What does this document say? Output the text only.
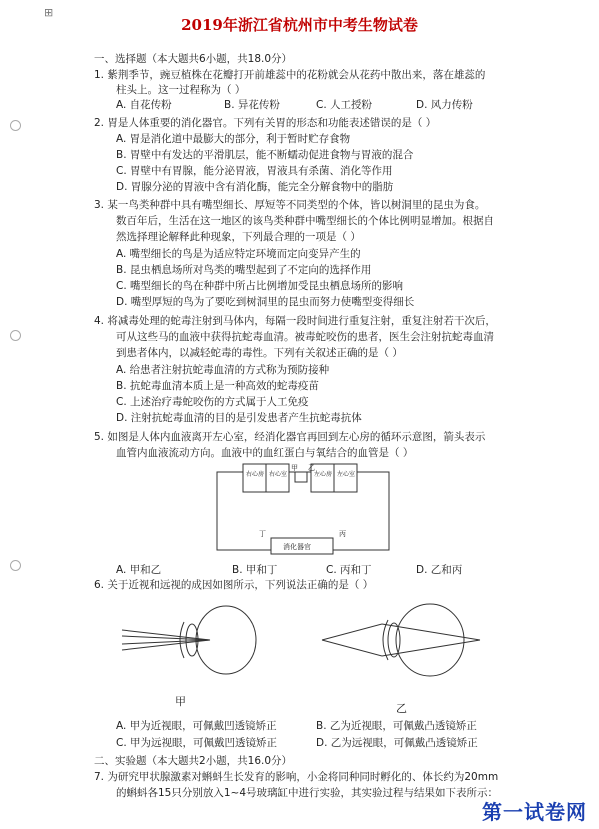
⊞
2019年浙江省杭州市中考生物试卷
一、选择题（本大题共6小题，共18.0分）
1. 紫荆季节，豌豆植株在花瓣打开前雄蕊中的花粉就会从花药中散出来，落在雄蕊的
柱头上。这一过程称为（ ）
A. 自花传粉	B. 异花传粉	C. 人工授粉	D. 风力传粉
2. 胃是人体重要的消化器官。下列有关胃的形态和功能表述错误的是（ ）
A. 胃是消化道中最膨大的部分，利于暂时贮存食物
B. 胃壁中有发达的平滑肌层，能不断蠕动促进食物与胃液的混合
C. 胃壁中有胃腺，能分泌胃液，胃液具有杀菌、消化等作用
D. 胃腺分泌的胃液中含有消化酶，能完全分解食物中的脂肪
3. 某一鸟类种群中具有嘴型细长、厚短等不同类型的个体，皆以树洞里的昆虫为食。
数百年后，生活在这一地区的该鸟类种群中嘴型细长的个体比例明显增加。根据自
然选择理论解释此种现象，下列最合理的一项是（ ）
A. 嘴型细长的鸟是为适应特定环境而定向变异产生的
B. 昆虫栖息场所对鸟类的嘴型起到了不定向的选择作用
C. 嘴型细长的鸟在种群中所占比例增加受昆虫栖息场所的影响
D. 嘴型厚短的鸟为了要吃到树洞里的昆虫而努力使嘴型变得细长
4. 将减毒处理的蛇毒注射到马体内，每隔一段时间进行重复注射，重复注射若干次后，
可从这些马的血液中获得抗蛇毒血清。被毒蛇咬伤的患者，医生会注射抗蛇毒血清
到患者体内，以减轻蛇毒的毒性。下列有关叙述正确的是（ ）
A. 给患者注射抗蛇毒血清的方式称为预防接种
B. 抗蛇毒血清本质上是一种高效的蛇毒疫苗
C. 上述治疗毒蛇咬伤的方式属于人工免疫
D. 注射抗蛇毒血清的目的是引发患者产生抗蛇毒抗体
5. 如图是人体内血液离开左心室，经消化器官再回到左心房的循环示意图，箭头表示
血管内血液流动方向。血液中的血红蛋白与氧结合的血管是（ ）
右心房 右心室	左心房 左心室
甲 乙
丁	丙
消化器官
A. 甲和乙	B. 甲和丁	C. 丙和丁	D. 乙和丙
6. 关于近视和远视的成因如图所示，下列说法正确的是（ ）
甲
乙
A. 甲为近视眼，可佩戴凹透镜矫正	B. 乙为近视眼，可佩戴凸透镜矫正
C. 甲为远视眼，可佩戴凹透镜矫正	D. 乙为远视眼，可佩戴凸透镜矫正
二、实验题（本大题共2小题，共16.0分）
7. 为研究甲状腺激素对蝌蚪生长发育的影响，小金将同种同时孵化的、体长约为20mm
的蝌蚪各15只分别放入1~4号玻璃缸中进行实验，其实验过程与结果如下表所示：
第一试卷网
